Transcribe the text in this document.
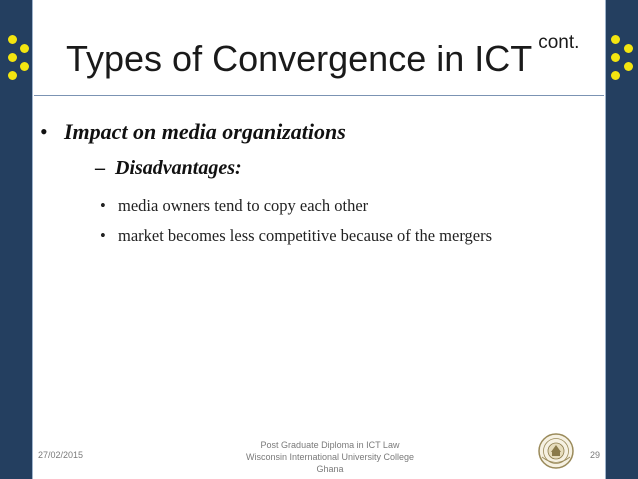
Types of Convergence in ICT $^{cont.}$
• Impact on media organizations
– Disadvantages:
• media owners tend to copy each other
• market becomes less competitive because of the mergers
27/02/2015
Post Graduate Diploma in ICT Law
Wisconsin International University College
Ghana
29
